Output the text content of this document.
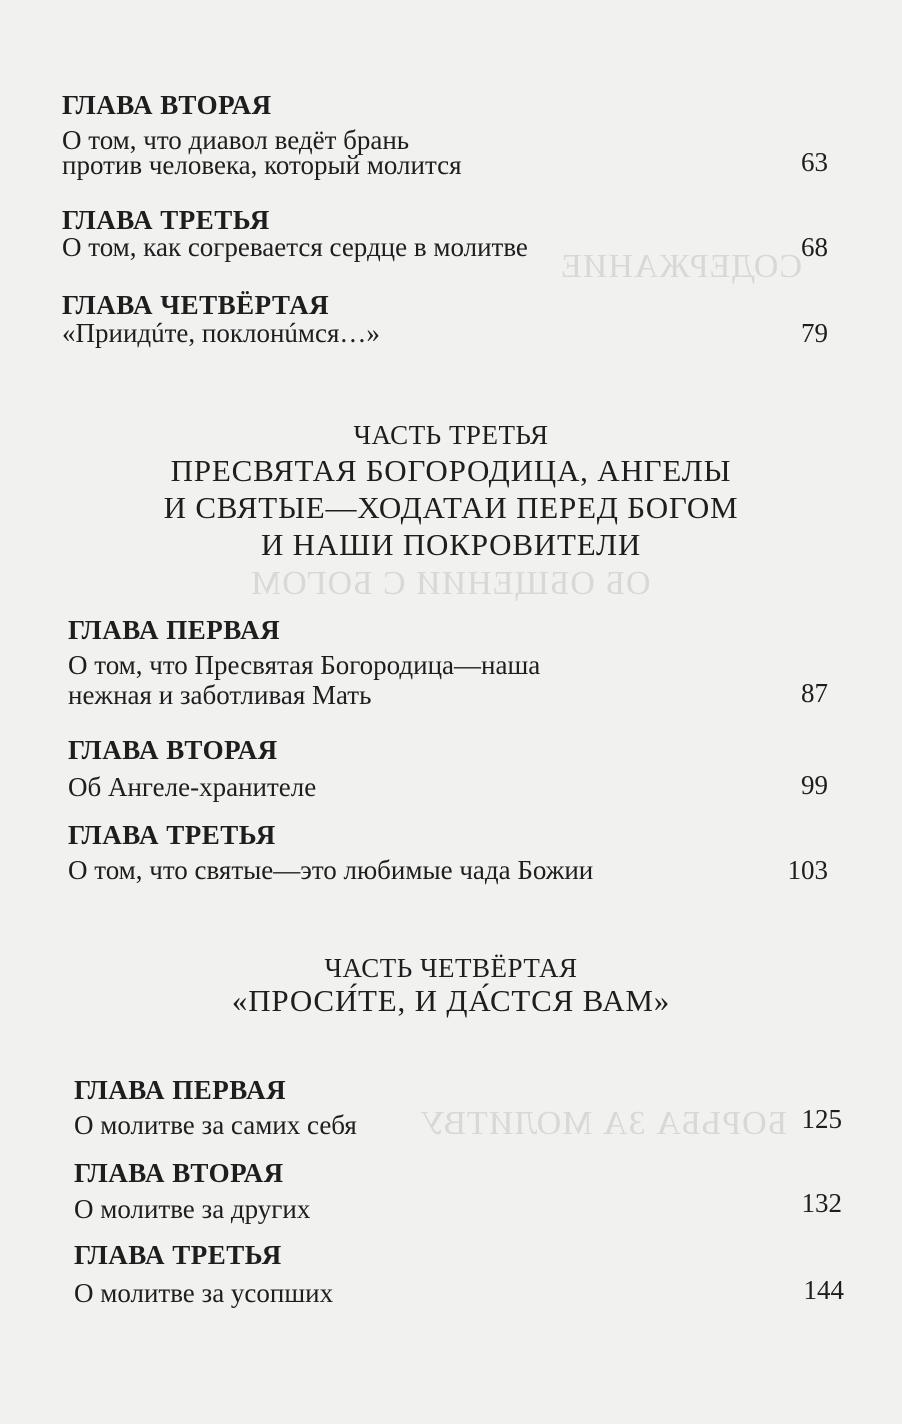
СОДЕРЖАНИЕ
ОБ ОБЩЕНИИ С БОГОМ
БОРЬБА ЗА МОЛИТВУ
ГЛАВА ВТОРАЯ
О том, что диавол ведёт брань
против человека, который молится	63
ГЛАВА ТРЕТЬЯ
О том, как согревается сердце в молитве	68
ГЛАВА ЧЕТВЁРТАЯ
«Приидúте, поклонúмся…»	79
ЧАСТЬ ТРЕТЬЯ
ПРЕСВЯТАЯ БОГОРОДИЦА, АНГЕЛЫ
И СВЯТЫЕ—ХОДАТАИ ПЕРЕД БОГОМ
И НАШИ ПОКРОВИТЕЛИ
ГЛАВА ПЕРВАЯ
О том, что Пресвятая Богородица—наша
нежная и заботливая Мать	87
ГЛАВА ВТОРАЯ
Об Ангеле-хранителе	99
ГЛАВА ТРЕТЬЯ
О том, что святые—это любимые чада Божии	103
ЧАСТЬ ЧЕТВЁРТАЯ
«ПРОСИ́ТЕ, И ДА́СТСЯ ВАМ»
ГЛАВА ПЕРВАЯ
О молитве за самих себя	125
ГЛАВА ВТОРАЯ
О молитве за других	132
ГЛАВА ТРЕТЬЯ
О молитве за усопших	144
